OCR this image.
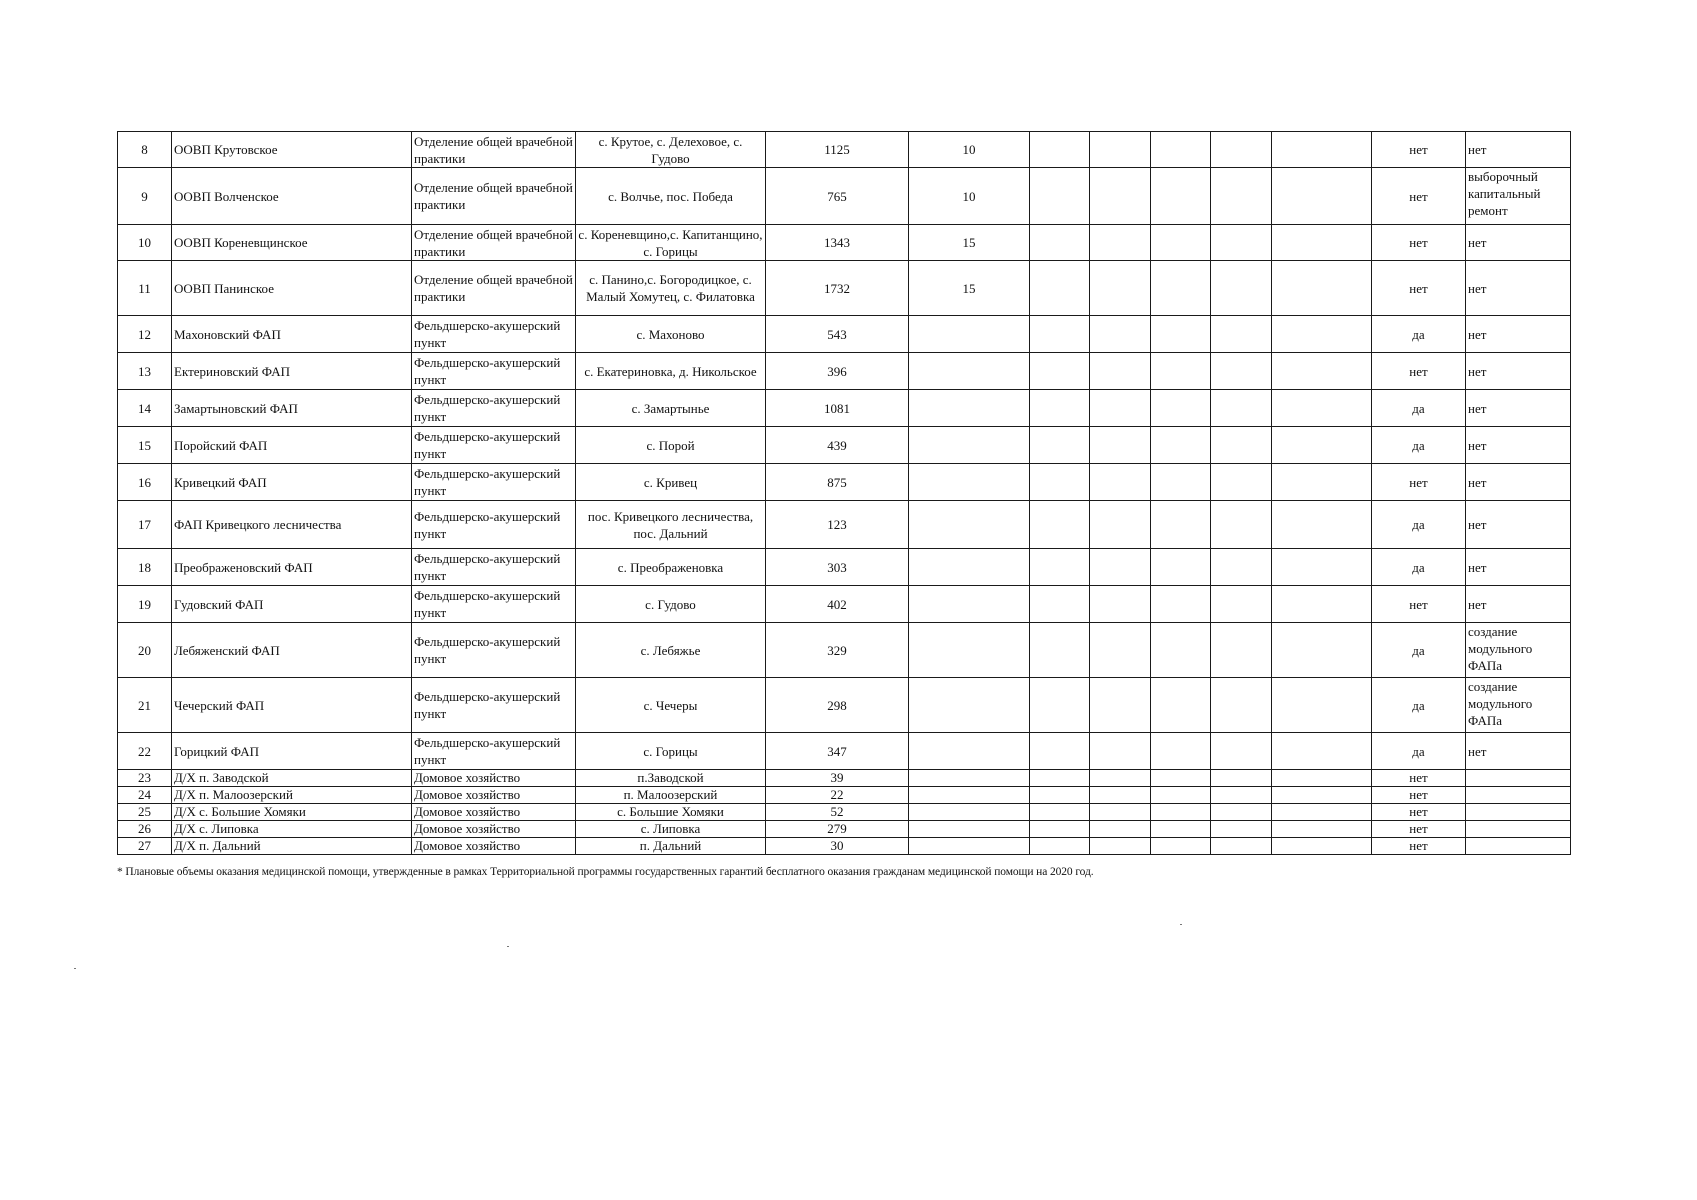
8	ООВП Крутовское	Отделение общей врачебной практики	с. Крутое, с. Делеховое, с. Гудово	1125	10						нет	нет
9	ООВП Волченское	Отделение общей врачебной практики	с. Волчье, пос. Победа	765	10						нет	выборочный капитальный ремонт
10	ООВП Кореневщинское	Отделение общей врачебной практики	с. Кореневщино,с. Капитанщино, с. Горицы	1343	15						нет	нет
11	ООВП Панинское	Отделение общей врачебной практики	с. Панино,с. Богородицкое, с. Малый Хомутец, с. Филатовка	1732	15						нет	нет
12	Махоновский ФАП	Фельдшерско-акушерский пункт	с. Махоново	543							да	нет
13	Ектериновский ФАП	Фельдшерско-акушерский пункт	с. Екатериновка, д. Никольское	396							нет	нет
14	Замартыновский ФАП	Фельдшерско-акушерский пункт	с. Замартынье	1081							да	нет
15	Поройский ФАП	Фельдшерско-акушерский пункт	с. Порой	439							да	нет
16	Кривецкий ФАП	Фельдшерско-акушерский пункт	с. Кривец	875							нет	нет
17	ФАП Кривецкого лесничества	Фельдшерско-акушерский пункт	пос. Кривецкого лесничества, пос. Дальний	123							да	нет
18	Преображеновский ФАП	Фельдшерско-акушерский пункт	с. Преображеновка	303							да	нет
19	Гудовский ФАП	Фельдшерско-акушерский пункт	с. Гудово	402							нет	нет
20	Лебяженский ФАП	Фельдшерско-акушерский пункт	с. Лебяжье	329							да	создание модульного ФАПа
21	Чечерский ФАП	Фельдшерско-акушерский пункт	с. Чечеры	298							да	создание модульного ФАПа
22	Горицкий ФАП	Фельдшерско-акушерский пункт	с. Горицы	347							да	нет
23	Д/Х п. Заводской	Домовое хозяйство	п.Заводской	39							нет	
24	Д/Х п. Малоозерский	Домовое хозяйство	п. Малоозерский	22							нет	
25	Д/Х с. Большие Хомяки	Домовое хозяйство	с. Большие Хомяки	52							нет	
26	Д/Х с. Липовка	Домовое хозяйство	с. Липовка	279							нет	
27	Д/Х п. Дальний	Домовое хозяйство	п. Дальний	30							нет	
* Плановые объемы оказания медицинской помощи, утвержденные в рамках Территориальной программы государственных гарантий бесплатного оказания гражданам медицинской помощи на 2020 год.
